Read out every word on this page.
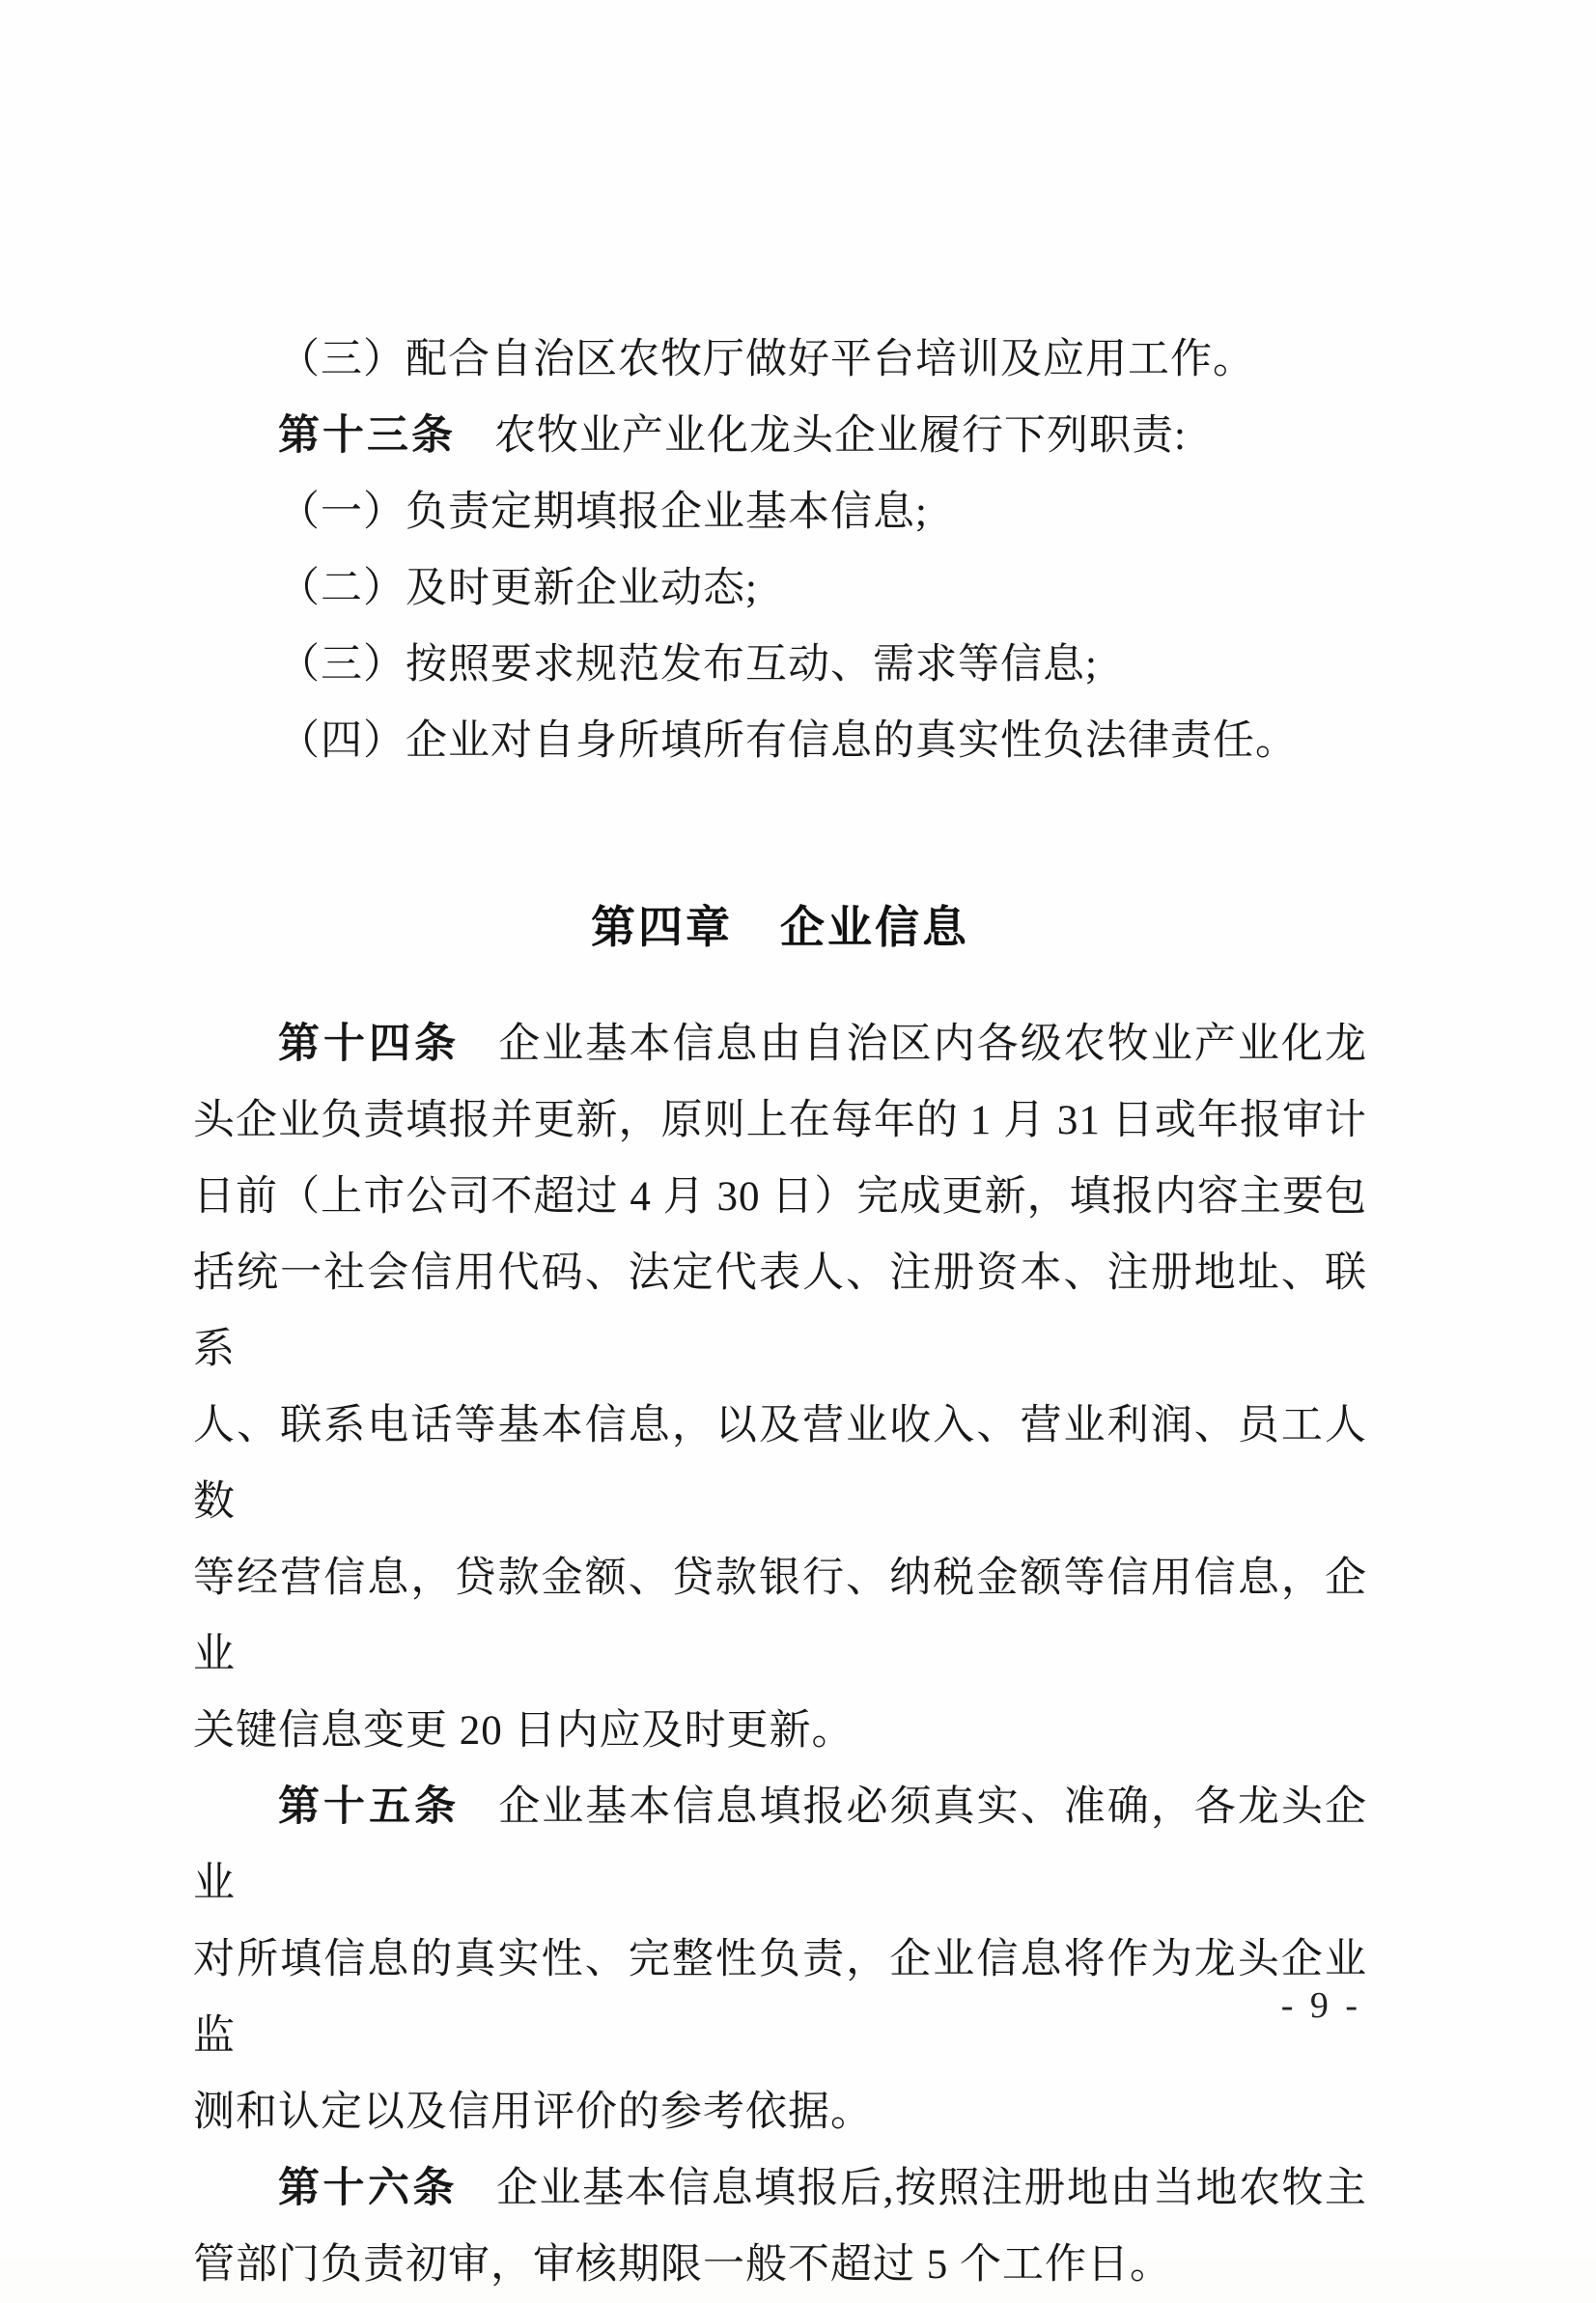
（三）配合自治区农牧厅做好平台培训及应用工作。
第十三条 农牧业产业化龙头企业履行下列职责:
（一）负责定期填报企业基本信息;
（二）及时更新企业动态;
（三）按照要求规范发布互动、需求等信息;
（四）企业对自身所填所有信息的真实性负法律责任。
第四章　企业信息
第十四条 企业基本信息由自治区内各级农牧业产业化龙
头企业负责填报并更新，原则上在每年的 1 月 31 日或年报审计
日前（上市公司不超过 4 月 30 日）完成更新，填报内容主要包
括统一社会信用代码、法定代表人、注册资本、注册地址、联系
人、联系电话等基本信息，以及营业收入、营业利润、员工人数
等经营信息，贷款金额、贷款银行、纳税金额等信用信息，企业
关键信息变更 20 日内应及时更新。
第十五条 企业基本信息填报必须真实、准确，各龙头企业
对所填信息的真实性、完整性负责，企业信息将作为龙头企业监
测和认定以及信用评价的参考依据。
第十六条 企业基本信息填报后,按照注册地由当地农牧主
管部门负责初审，审核期限一般不超过 5 个工作日。
- 9 -
